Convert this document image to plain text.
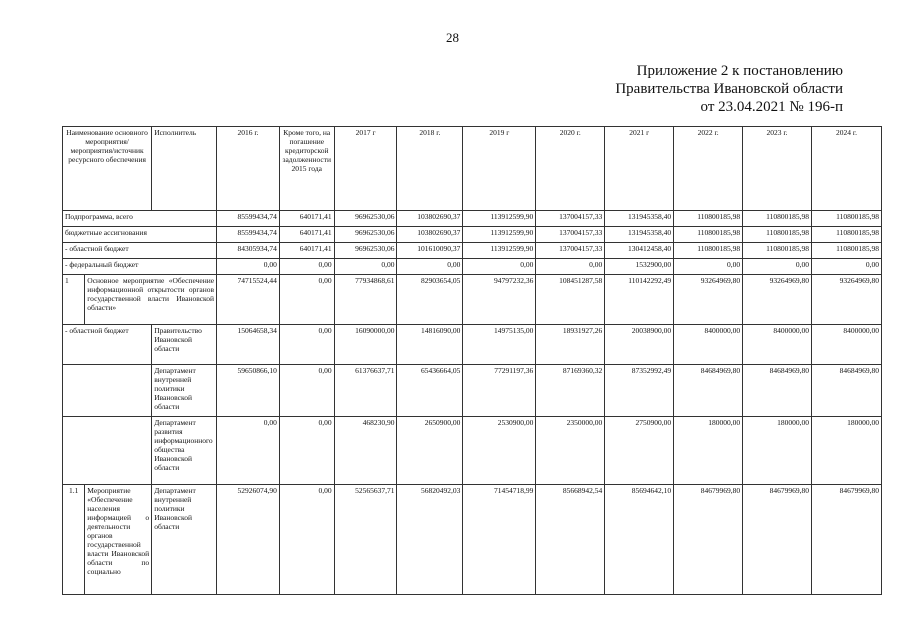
28
Приложение 2 к постановлению
Правительства Ивановской области
от 23.04.2021 № 196-п
Наименование основного мероприятия/мероприятия/источник ресурсного обеспечения		Исполнитель	2016 г.	Кроме того, на погашение кредиторской задолженности 2015 года	2017 г	2018 г.	2019 г	2020 г.	2021 г	2022 г.	2023 г.	2024 г.
Подпрограмма, всего			85599434,74	640171,41	96962530,06	103802690,37	113912599,90	137004157,33	131945358,40	110800185,98	110800185,98	110800185,98
бюджетные ассигнования			85599434,74	640171,41	96962530,06	103802690,37	113912599,90	137004157,33	131945358,40	110800185,98	110800185,98	110800185,98
- областной бюджет			84305934,74	640171,41	96962530,06	101610090,37	113912599,90	137004157,33	130412458,40	110800185,98	110800185,98	110800185,98
- федеральный бюджет			0,00	0,00	0,00	0,00	0,00	0,00	1532900,00	0,00	0,00	0,00
1	Основное мероприятие «Обеспечение информационной открытости органов государственной власти Ивановской области»		74715524,44	0,00	77934868,61	82903654,05	94797232,36	108451287,58	110142292,49	93264969,80	93264969,80	93264969,80
- областной бюджет		Правительство Ивановской области	15064658,34	0,00	16090000,00	14816090,00	14975135,00	18931927,26	20038900,00	8400000,00	8400000,00	8400000,00
		Департамент внутренней политики Ивановской области	59650866,10	0,00	61376637,71	65436664,05	77291197,36	87169360,32	87352992,49	84684969,80	84684969,80	84684969,80
		Департамент развития информационного общества Ивановской области	0,00	0,00	468230,90	2650900,00	2530900,00	2350000,00	2750900,00	180000,00	180000,00	180000,00
1.1	Мероприятие «Обеспечение населения информацией о деятельности органов государственной власти Ивановской области по социально	Департамент внутренней политики Ивановской области	52926074,90	0,00	52565637,71	56820492,03	71454718,99	85668942,54	85694642,10	84679969,80	84679969,80	84679969,80
